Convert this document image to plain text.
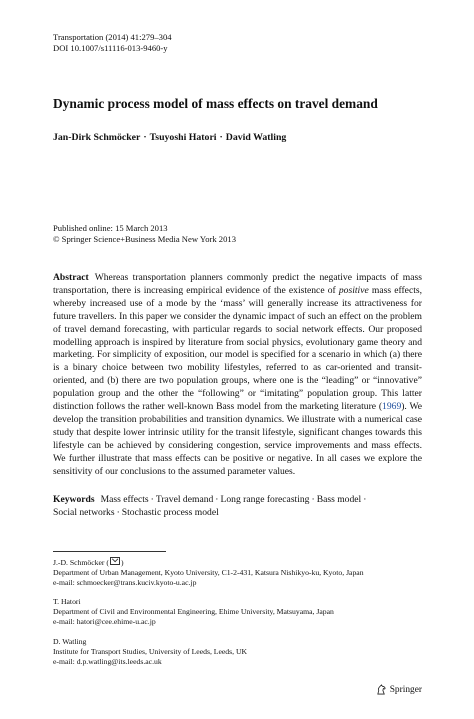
Transportation (2014) 41:279–304
DOI 10.1007/s11116-013-9460-y
Dynamic process model of mass effects on travel demand
Jan-Dirk Schmöcker · Tsuyoshi Hatori · David Watling
Published online: 15 March 2013
© Springer Science+Business Media New York 2013
Abstract Whereas transportation planners commonly predict the negative impacts of mass transportation, there is increasing empirical evidence of the existence of positive mass effects, whereby increased use of a mode by the ‘mass’ will generally increase its attractiveness for future travellers. In this paper we consider the dynamic impact of such an effect on the problem of travel demand forecasting, with particular regards to social network effects. Our proposed modelling approach is inspired by literature from social physics, evolutionary game theory and marketing. For simplicity of exposition, our model is specified for a scenario in which (a) there is a binary choice between two mobility lifestyles, referred to as car-oriented and transit-oriented, and (b) there are two population groups, where one is the “leading” or “innovative” population group and the other the “following” or “imitating” population group. This latter distinction follows the rather well-known Bass model from the marketing literature (1969). We develop the transition probabilities and transition dynamics. We illustrate with a numerical case study that despite lower intrinsic utility for the transit lifestyle, significant changes towards this lifestyle can be achieved by considering congestion, service improvements and mass effects. We further illustrate that mass effects can be positive or negative. In all cases we explore the sensitivity of our conclusions to the assumed parameter values.
Keywords Mass effects · Travel demand · Long range forecasting · Bass model ·
Social networks · Stochastic process model
J.-D. Schmöcker ( )
Department of Urban Management, Kyoto University, C1-2-431, Katsura Nishikyo-ku, Kyoto, Japan
e-mail: schmoecker@trans.kuciv.kyoto-u.ac.jp
T. Hatori
Department of Civil and Environmental Engineering, Ehime University, Matsuyama, Japan
e-mail: hatori@cee.ehime-u.ac.jp
D. Watling
Institute for Transport Studies, University of Leeds, Leeds, UK
e-mail: d.p.watling@its.leeds.ac.uk
Springer
